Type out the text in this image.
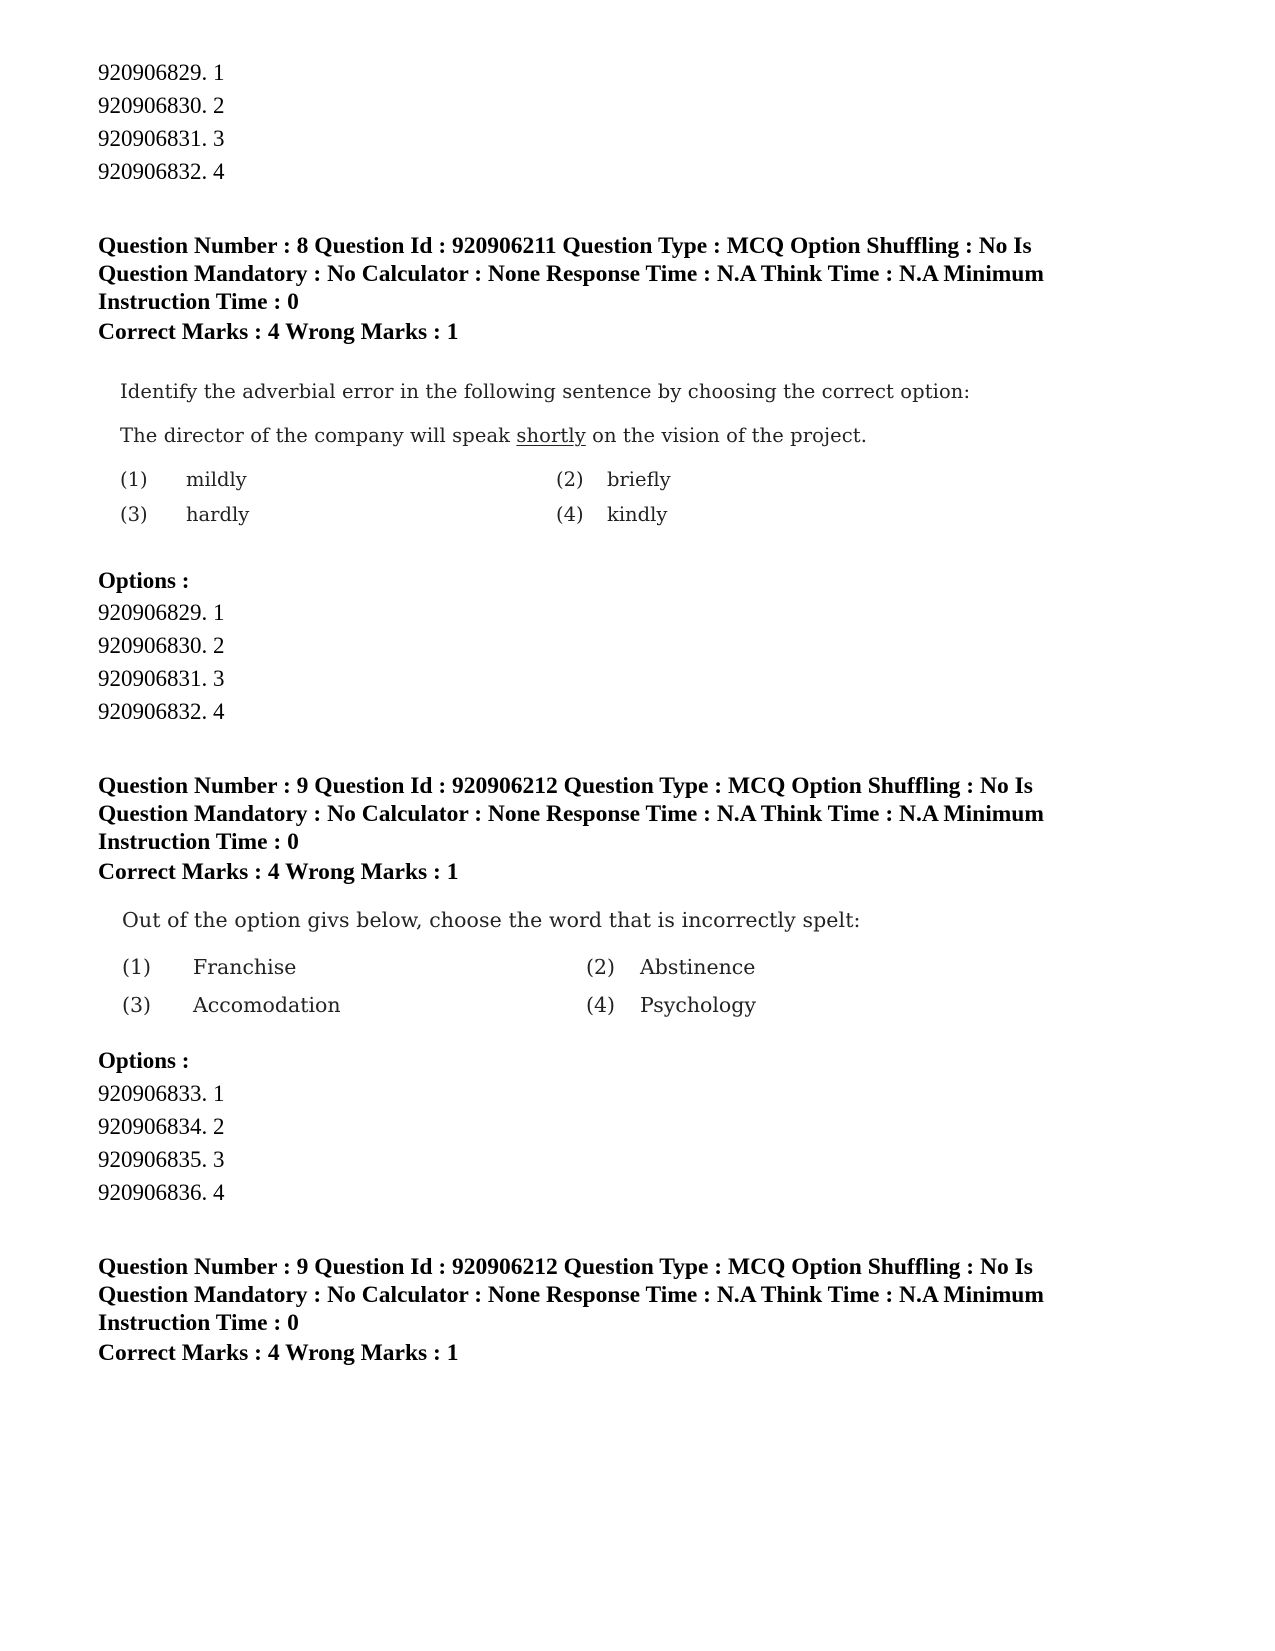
920906829. 1
920906830. 2
920906831. 3
920906832. 4
Question Number : 8 Question Id : 920906211 Question Type : MCQ Option Shuffling : No Is
Question Mandatory : No Calculator : None Response Time : N.A Think Time : N.A Minimum
Instruction Time : 0
Correct Marks : 4 Wrong Marks : 1
Identify the adverbial error in the following sentence by choosing the correct option:
The director of the company will speak shortly on the vision of the project.
(1) mildly	(2) briefly
(3) hardly	(4) kindly
Options :
920906829. 1
920906830. 2
920906831. 3
920906832. 4
Question Number : 9 Question Id : 920906212 Question Type : MCQ Option Shuffling : No Is
Question Mandatory : No Calculator : None Response Time : N.A Think Time : N.A Minimum
Instruction Time : 0
Correct Marks : 4 Wrong Marks : 1
Out of the option givs below, choose the word that is incorrectly spelt:
(1) Franchise	(2) Abstinence
(3) Accomodation	(4) Psychology
Options :
920906833. 1
920906834. 2
920906835. 3
920906836. 4
Question Number : 9 Question Id : 920906212 Question Type : MCQ Option Shuffling : No Is
Question Mandatory : No Calculator : None Response Time : N.A Think Time : N.A Minimum
Instruction Time : 0
Correct Marks : 4 Wrong Marks : 1
